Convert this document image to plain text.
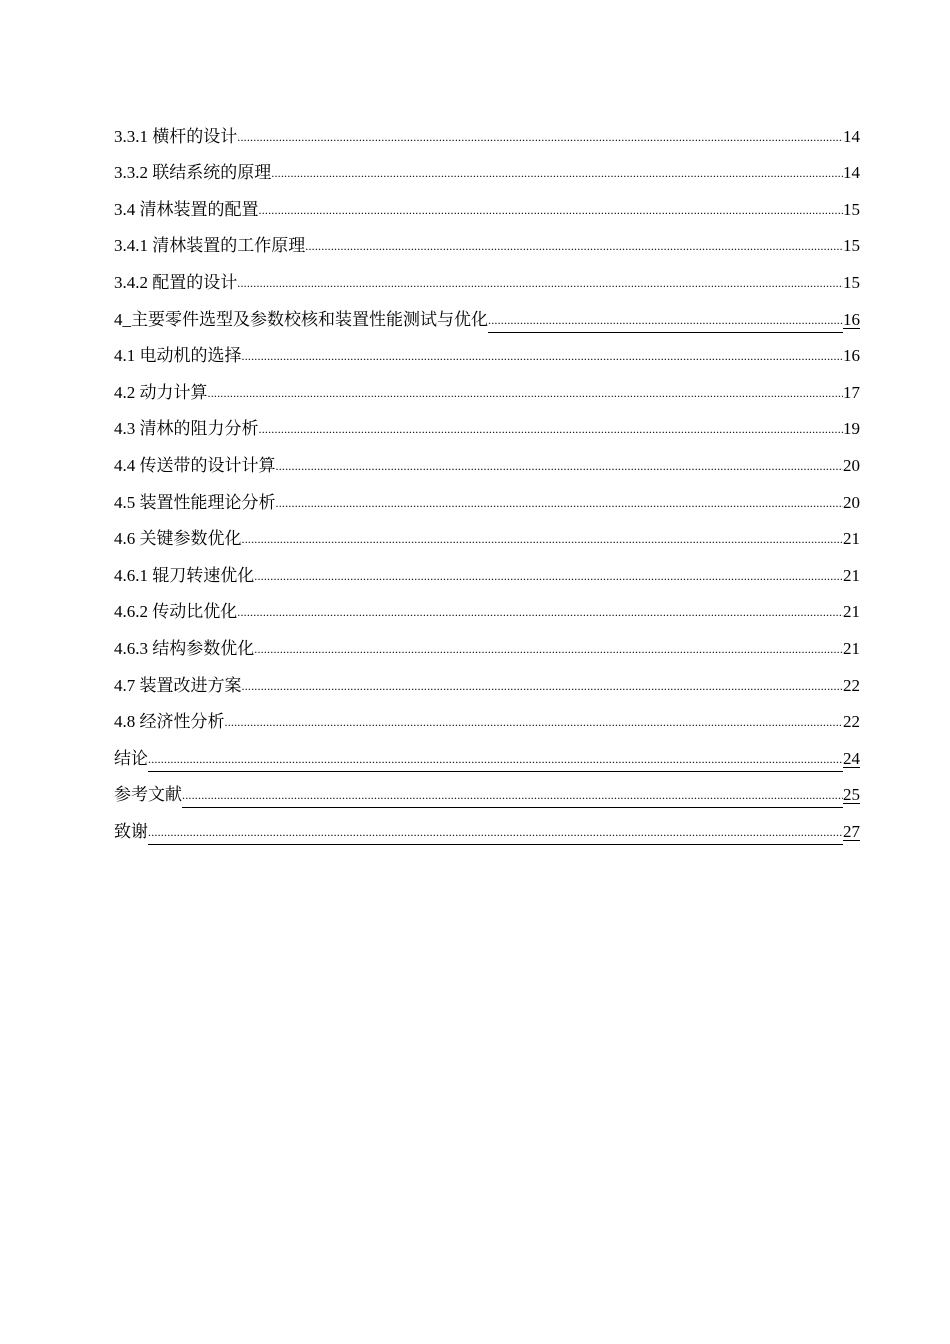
3.3.1 横杆的设计 .....	14
3.3.2 联结系统的原理 .....	14
3.4 清林装置的配置 .....	15
3.4.1 清林装置的工作原理 .....	15
3.4.2 配置的设计 .....	15
4_主要零件选型及参数校核和装置性能测试与优化 .....	16
4.1 电动机的选择 .....	16
4.2 动力计算 .....	17
4.3 清林的阻力分析 .....	19
4.4 传送带的设计计算 .....	20
4.5 装置性能理论分析 .....	20
4.6 关键参数优化 .....	21
4.6.1 辊刀转速优化 .....	21
4.6.2 传动比优化 .....	21
4.6.3 结构参数优化 .....	21
4.7 装置改进方案 .....	22
4.8 经济性分析 .....	22
结论 .....	24
参考文献 .....	25
致谢 .....	27
